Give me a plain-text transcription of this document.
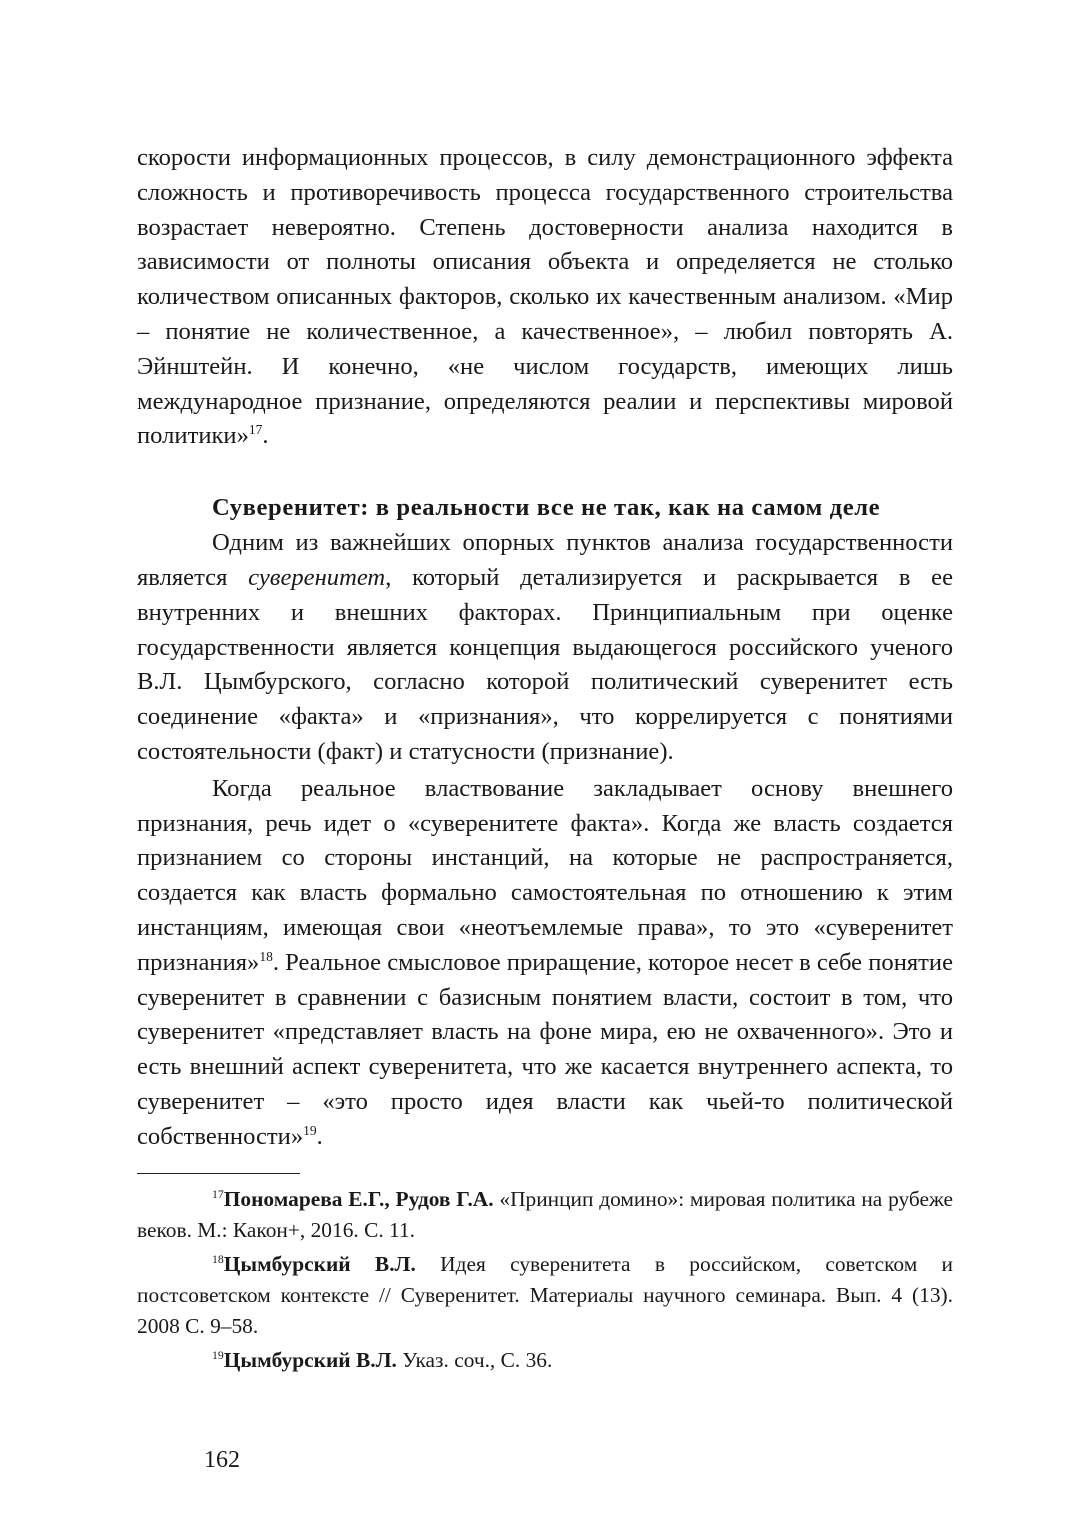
скорости информационных процессов, в силу демонстрационного эффекта сложность и противоречивость процесса государственного строительства возрастает невероятно. Степень достоверности анализа находится в зависимости от полноты описания объекта и определяется не столько количеством описанных факторов, сколько их качественным анализом. «Мир – понятие не количественное, а качественное», – любил повторять А. Эйнштейн. И конечно, «не числом государств, имеющих лишь международное признание, определяются реалии и перспективы мировой политики»$^{17}$.

Суверенитет: в реальности все не так, как на самом деле

Одним из важнейших опорных пунктов анализа государственности является суверенитет, который детализируется и раскрывается в ее внутренних и внешних факторах. Принципиальным при оценке государственности является концепция выдающегося российского ученого В.Л. Цымбурского, согласно которой политический суверенитет есть соединение «факта» и «признания», что коррелируется с понятиями состоятельности (факт) и статусности (признание).

Когда реальное властвование закладывает основу внешнего признания, речь идет о «суверенитете факта». Когда же власть создается признанием со стороны инстанций, на которые не распространяется, создается как власть формально самостоятельная по отношению к этим инстанциям, имеющая свои «неотъемлемые права», то это «суверенитет признания»$^{18}$. Реальное смысловое приращение, которое несет в себе понятие суверенитет в сравнении с базисным понятием власти, состоит в том, что суверенитет «представляет власть на фоне мира, ею не охваченного». Это и есть внешний аспект суверенитета, что же касается внутреннего аспекта, то суверенитет – «это просто идея власти как чьей-то политической собственности»$^{19}$.

$^{17}$Пономарева Е.Г., Рудов Г.А. «Принцип домино»: мировая политика на рубеже веков. М.: Какон+, 2016. С. 11.

$^{18}$Цымбурский В.Л. Идея суверенитета в российском, советском и постсоветском контексте // Суверенитет. Материалы научного семинара. Вып. 4 (13). 2008 С. 9–58.

$^{19}$Цымбурский В.Л. Указ. соч., С. 36.

162
